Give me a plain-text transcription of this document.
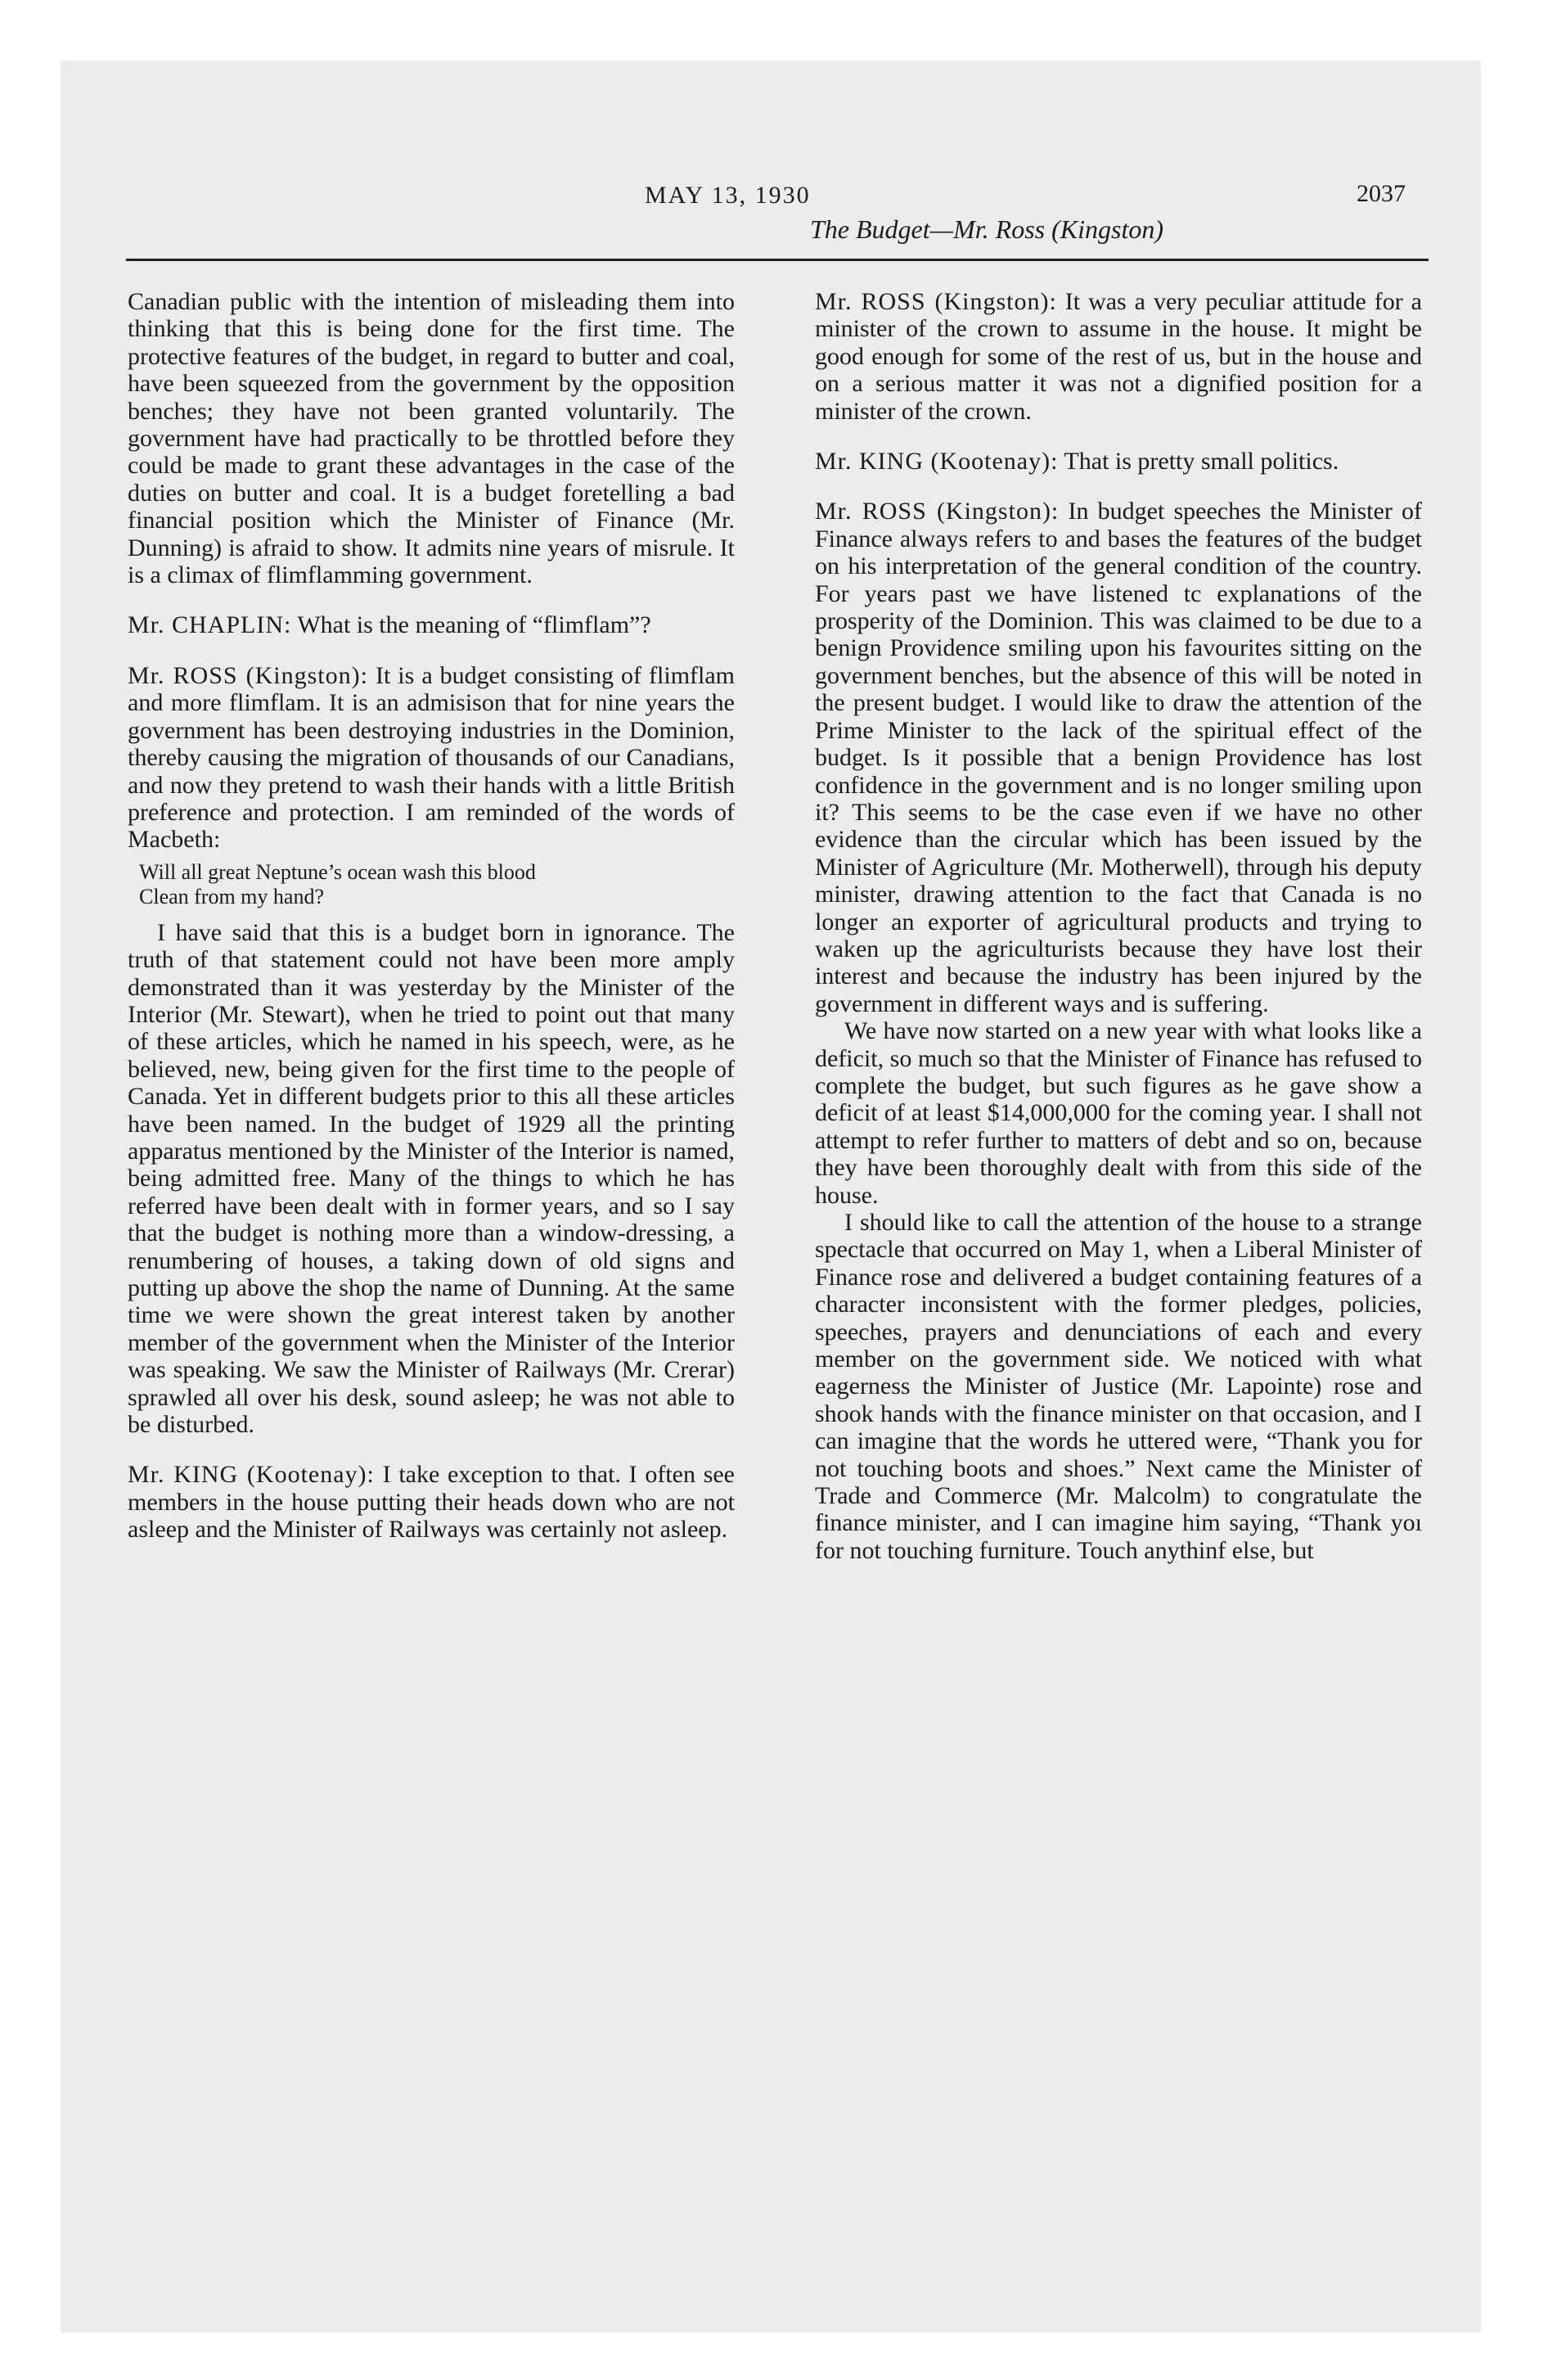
MAY 13, 1930	2037
The Budget—Mr. Ross (Kingston)

Canadian public with the intention of misleading them into thinking that this is being done for the first time. The protective features of the budget, in regard to butter and coal, have been squeezed from the government by the opposition benches; they have not been granted voluntarily. The government have had practically to be throttled before they could be made to grant these advantages in the case of the duties on butter and coal. It is a budget foretelling a bad financial position which the Minister of Finance (Mr. Dunning) is afraid to show. It admits nine years of misrule. It is a climax of flimflamming government.

Mr. CHAPLIN: What is the meaning of “flimflam”?

Mr. ROSS (Kingston): It is a budget consisting of flimflam and more flimflam. It is an admisison that for nine years the government has been destroying industries in the Dominion, thereby causing the migration of thousands of our Canadians, and now they pretend to wash their hands with a little British preference and protection. I am reminded of the words of Macbeth:

Will all great Neptune’s ocean wash this blood
Clean from my hand?

I have said that this is a budget born in ignorance. The truth of that statement could not have been more amply demonstrated than it was yesterday by the Minister of the Interior (Mr. Stewart), when he tried to point out that many of these articles, which he named in his speech, were, as he believed, new, being given for the first time to the people of Canada. Yet in different budgets prior to this all these articles have been named. In the budget of 1929 all the printing apparatus mentioned by the Minister of the Interior is named, being admitted free. Many of the things to which he has referred have been dealt with in former years, and so I say that the budget is nothing more than a window-dressing, a renumbering of houses, a taking down of old signs and putting up above the shop the name of Dunning. At the same time we were shown the great interest taken by another member of the government when the Minister of the Interior was speaking. We saw the Minister of Railways (Mr. Crerar) sprawled all over his desk, sound asleep; he was not able to be disturbed.

Mr. KING (Kootenay): I take exception to that. I often see members in the house putting their heads down who are not asleep and the Minister of Railways was certainly not asleep.

Mr. ROSS (Kingston): It was a very peculiar attitude for a minister of the crown to assume in the house. It might be good enough for some of the rest of us, but in the house and on a serious matter it was not a dignified position for a minister of the crown.

Mr. KING (Kootenay): That is pretty small politics.

Mr. ROSS (Kingston): In budget speeches the Minister of Finance always refers to and bases the features of the budget on his interpretation of the general condition of the country. For years past we have listened tc explanations of the prosperity of the Dominion. This was claimed to be due to a benign Providence smiling upon his favourites sitting on the government benches, but the absence of this will be noted in the present budget. I would like to draw the attention of the Prime Minister to the lack of the spiritual effect of the budget. Is it possible that a benign Providence has lost confidence in the government and is no longer smiling upon it? This seems to be the case even if we have no other evidence than the circular which has been issued by the Minister of Agriculture (Mr. Motherwell), through his deputy minister, drawing attention to the fact that Canada is no longer an exporter of agricultural products and trying to waken up the agriculturists because they have lost their interest and because the industry has been injured by the government in different ways and is suffering.

We have now started on a new year with what looks like a deficit, so much so that the Minister of Finance has refused to complete the budget, but such figures as he gave show a deficit of at least $14,000,000 for the coming year. I shall not attempt to refer further to matters of debt and so on, because they have been thoroughly dealt with from this side of the house.

I should like to call the attention of the house to a strange spectacle that occurred on May 1, when a Liberal Minister of Finance rose and delivered a budget containing features of a character inconsistent with the former pledges, policies, speeches, prayers and denunciations of each and every member on the government side. We noticed with what eagerness the Minister of Justice (Mr. Lapointe) rose and shook hands with the finance minister on that occasion, and I can imagine that the words he uttered were, “Thank you for not touching boots and shoes.” Next came the Minister of Trade and Commerce (Mr. Malcolm) to congratulate the finance minister, and I can imagine him saying, “Thank yoı for not touching furniture. Touch anythinf else, but
